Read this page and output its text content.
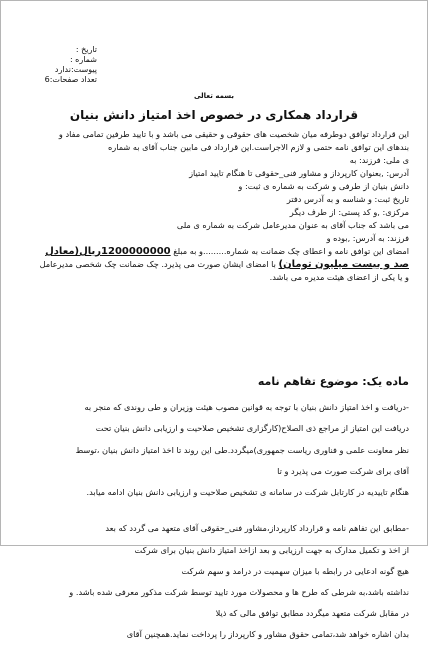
تاریخ :
شماره :
پیوست:ندارد
تعداد صفحات:6
بسمه تعالی
قرارداد همکاری در خصوص اخذ امتیاز دانش بنیان

این قرارداد توافق دوطرفه میان شخصیت های حقوقی و حقیقی می باشد و با تایید طرفین تمامی مفاد و

بندهای این توافق نامه حتمی و لازم الاجراست.این قرارداد فی مابین جناب آقای به شماره

ی ملی: فرزند: به

آدرس: ,بعنوان کارپرداز و مشاور فنی_حقوقی تا هنگام تایید امتیاز

دانش بنیان از طرفی و شرکت به شماره ی ثبت: و

تاریخ ثبت: و شناسه و به آدرس دفتر

مرکزی: ,و کد پستی: از طرف دیگر

می باشد که جناب آقای به عنوان مدیرعامل شرکت به شماره ی ملی

فرزند: به آدرس: ,بوده و

امضای این توافق نامه و اعطای چک ضمانت به شماره.........و به مبلغ 1200000000ریال(معادل

صد و بیست میلیون تومان) با امضای ایشان صورت می پذیرد. چک ضمانت چک شخصی مدیرعامل

و یا یکی از اعضای هیئت مدیره می باشد.

ماده یک: موضوع تفاهم نامه

-دریافت و اخذ امتیاز دانش بنیان با توجه به قوانین مصوب هیئت وزیران و طی روندی که منجر به

دریافت این امتیاز از مراجع ذی الصلاح(کارگزاری تشخیص صلاحیت و ارزیابی دانش بنیان تحت

نظر معاونت علمی و فناوری ریاست جمهوری)میگردد.طی این روند تا اخذ امتیاز دانش بنیان ،توسط

آقای برای شرکت صورت می پذیرد و تا

هنگام تاییدیه در کارتابل شرکت در سامانه ی تشخیص صلاحیت و ارزیابی دانش بنیان ادامه میابد.

-مطابق این تفاهم نامه و قرارداد کارپرداز،مشاور فنی_حقوقی آقای متعهد می گردد که بعد

از اخذ و تکمیل مدارک به جهت ارزیابی و بعد ازاخذ امتیاز دانش بنیان برای شرکت

هیچ گونه ادعایی در رابطه با میزان سهمیت در درامد و سهم شرکت

نداشته باشد،به شرطی که طرح ها و محصولات مورد تایید توسط شرکت مذکور معرفی شده باشد. و

در مقابل شرکت متعهد میگردد مطابق توافق مالی که ذیلا

بدان اشاره خواهد شد،تمامی حقوق مشاور و کارپرداز را پرداخت نماید.همچنین آقای
